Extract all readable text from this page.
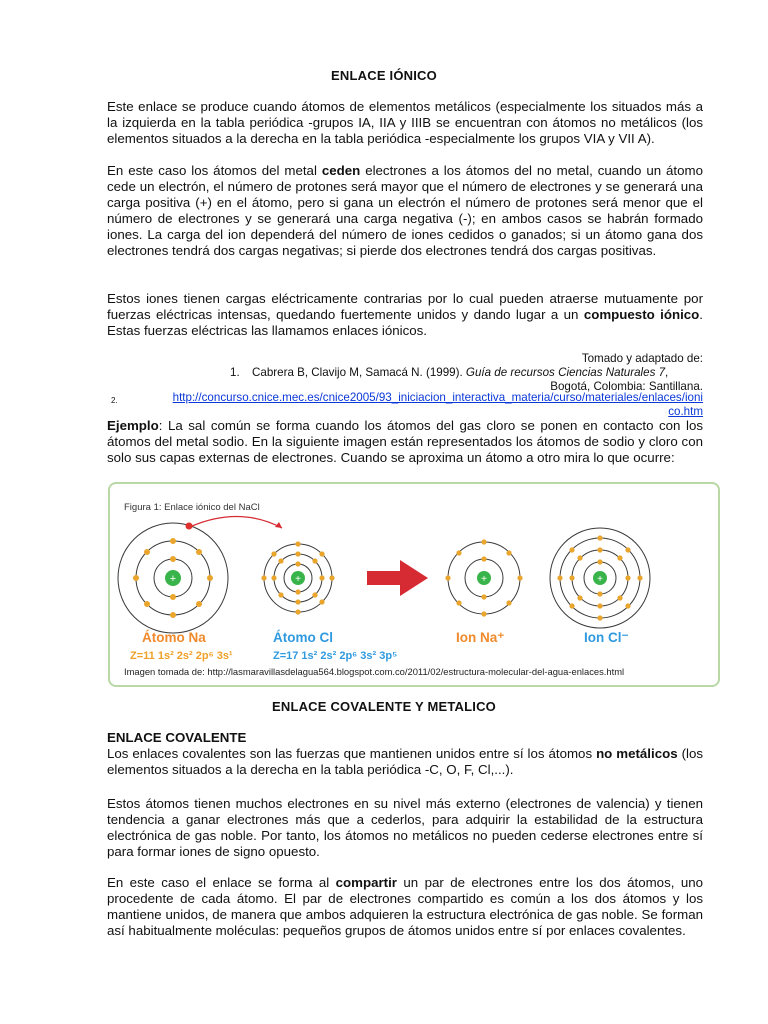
ENLACE IÓNICO
Este enlace se produce cuando átomos de elementos metálicos (especialmente los situados más a la izquierda en la tabla periódica -grupos IA, IIA y IIIB se encuentran con átomos no metálicos (los elementos situados a la derecha en la tabla periódica -especialmente los grupos VIA y VII A).
En este caso los átomos del metal ceden electrones a los átomos del no metal, cuando un átomo cede un electrón, el número de protones será mayor que el número de electrones y se generará una carga positiva (+) en el átomo, pero si gana un electrón el número de protones será menor que el número de electrones y se generará una carga negativa (-); en ambos casos se habrán formado iones. La carga del ion dependerá del número de iones cedidos o ganados; si un átomo gana dos electrones tendrá dos cargas negativas; si pierde dos electrones tendrá dos cargas positivas.
Estos iones tienen cargas eléctricamente contrarias por lo cual pueden atraerse mutuamente por fuerzas eléctricas intensas, quedando fuertemente unidos y dando lugar a un compuesto iónico. Estas fuerzas eléctricas las llamamos enlaces iónicos.
Tomado y adaptado de:
1. Cabrera B, Clavijo M, Samacá N. (1999). Guía de recursos Ciencias Naturales 7,
Bogotá, Colombia: Santillana.
2.	http://concurso.cnice.mec.es/cnice2005/93_iniciacion_interactiva_materia/curso/materiales/enlaces/ioni
co.htm
Ejemplo: La sal común se forma cuando los átomos del gas cloro se ponen en contacto con los átomos del metal sodio. En la siguiente imagen están representados los átomos de sodio y cloro con solo sus capas externas de electrones. Cuando se aproxima un átomo a otro mira lo que ocurre:
Figura 1: Enlace iónico del NaCl
+	+	+	+
Átomo Na	Átomo Cl	Ion Na⁺	Ion Cl⁻
Z=11 1s² 2s² 2p⁶ 3s¹	Z=17 1s² 2s² 2p⁶ 3s² 3p⁵
Imagen tomada de: http://lasmaravillasdelagua564.blogspot.com.co/2011/02/estructura-molecular-del-agua-enlaces.html
ENLACE COVALENTE Y METALICO
ENLACE COVALENTE
Los enlaces covalentes son las fuerzas que mantienen unidos entre sí los átomos no metálicos (los elementos situados a la derecha en la tabla periódica -C, O, F, Cl,...).
Estos átomos tienen muchos electrones en su nivel más externo (electrones de valencia) y tienen tendencia a ganar electrones más que a cederlos, para adquirir la estabilidad de la estructura electrónica de gas noble. Por tanto, los átomos no metálicos no pueden cederse electrones entre sí para formar iones de signo opuesto.
En este caso el enlace se forma al compartir un par de electrones entre los dos átomos, uno procedente de cada átomo. El par de electrones compartido es común a los dos átomos y los mantiene unidos, de manera que ambos adquieren la estructura electrónica de gas noble. Se forman así habitualmente moléculas: pequeños grupos de átomos unidos entre sí por enlaces covalentes.
